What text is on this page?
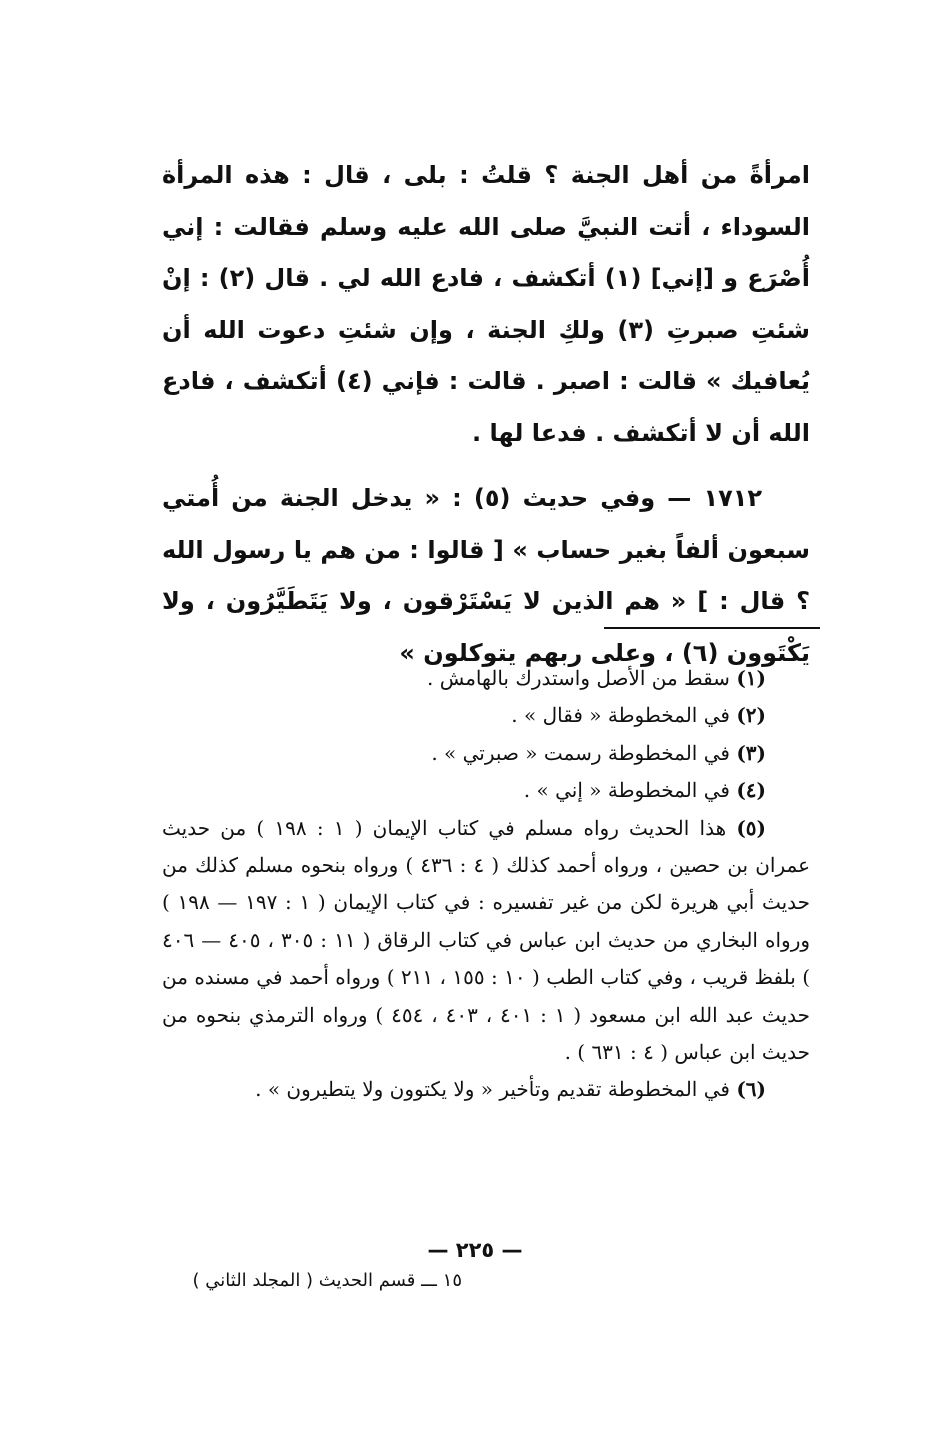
امرأةً من أهل الجنة ؟ قلتُ : بلى ، قال : هذه المرأة السوداء ، أتت النبيَّ صلى الله عليه وسلم فقالت : إني أُصْرَع و [إني] (١) أتكشف ، فادع الله لي . قال (٢) : إنْ شئتِ صبرتِ (٣) ولكِ الجنة ، وإن شئتِ دعوت الله أن يُعافيك » قالت : اصبر . قالت : فإني (٤) أتكشف ، فادع الله أن لا أتكشف . فدعا لها .

١٧١٢ — وفي حديث (٥) : « يدخل الجنة من أُمتي سبعون ألفاً بغير حساب » [ قالوا : من هم يا رسول الله ؟ قال : ] « هم الذين لا يَسْتَرْقون ، ولا يَتَطَيَّرُون ، ولا يَكْتَوون (٦) ، وعلى ربهم يتوكلون »

(١) سقط من الأصل واستدرك بالهامش .

(٢) في المخطوطة « فقال » .

(٣) في المخطوطة رسمت « صبرتي » .

(٤) في المخطوطة « إني » .

(٥) هذا الحديث رواه مسلم في كتاب الإيمان ( ١ : ١٩٨ ) من حديث عمران بن حصين ، ورواه أحمد كذلك ( ٤ : ٤٣٦ ) ورواه بنحوه مسلم كذلك من حديث أبي هريرة لكن من غير تفسيره : في كتاب الإيمان ( ١ : ١٩٧ — ١٩٨ ) ورواه البخاري من حديث ابن عباس في كتاب الرقاق ( ١١ : ٣٠٥ ، ٤٠٥ — ٤٠٦ ) بلفظ قريب ، وفي كتاب الطب ( ١٠ : ١٥٥ ، ٢١١ ) ورواه أحمد في مسنده من حديث عبد الله ابن مسعود ( ١ : ٤٠١ ، ٤٠٣ ، ٤٥٤ ) ورواه الترمذي بنحوه من حديث ابن عباس ( ٤ : ٦٣١ ) .

(٦) في المخطوطة تقديم وتأخير « ولا يكتوون ولا يتطيرون » .

— ٢٢٥ —
١٥ ـــ قسم الحديث ( المجلد الثاني )
